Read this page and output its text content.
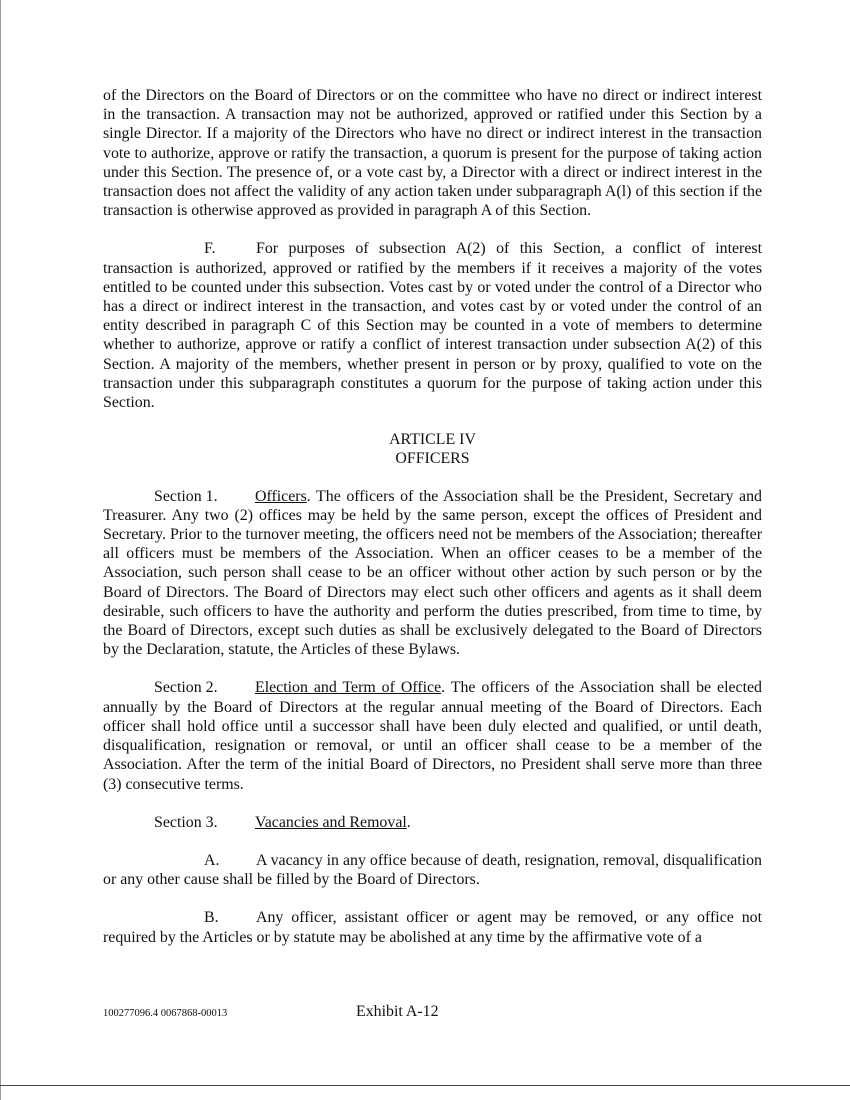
of the Directors on the Board of Directors or on the committee who have no direct or indirect interest in the transaction. A transaction may not be authorized, approved or ratified under this Section by a single Director. If a majority of the Directors who have no direct or indirect interest in the transaction vote to authorize, approve or ratify the transaction, a quorum is present for the purpose of taking action under this Section. The presence of, or a vote cast by, a Director with a direct or indirect interest in the transaction does not affect the validity of any action taken under subparagraph A(l) of this section if the transaction is otherwise approved as provided in paragraph A of this Section.

F.	For purposes of subsection A(2) of this Section, a conflict of interest transaction is authorized, approved or ratified by the members if it receives a majority of the votes entitled to be counted under this subsection. Votes cast by or voted under the control of a Director who has a direct or indirect interest in the transaction, and votes cast by or voted under the control of an entity described in paragraph C of this Section may be counted in a vote of members to determine whether to authorize, approve or ratify a conflict of interest transaction under subsection A(2) of this Section. A majority of the members, whether present in person or by proxy, qualified to vote on the transaction under this subparagraph constitutes a quorum for the purpose of taking action under this Section.

ARTICLE IV
OFFICERS

Section 1. Officers. The officers of the Association shall be the President, Secretary and Treasurer. Any two (2) offices may be held by the same person, except the offices of President and Secretary. Prior to the turnover meeting, the officers need not be members of the Association; thereafter all officers must be members of the Association. When an officer ceases to be a member of the Association, such person shall cease to be an officer without other action by such person or by the Board of Directors. The Board of Directors may elect such other officers and agents as it shall deem desirable, such officers to have the authority and perform the duties prescribed, from time to time, by the Board of Directors, except such duties as shall be exclusively delegated to the Board of Directors by the Declaration, statute, the Articles of these Bylaws.

Section 2. Election and Term of Office. The officers of the Association shall be elected annually by the Board of Directors at the regular annual meeting of the Board of Directors. Each officer shall hold office until a successor shall have been duly elected and qualified, or until death, disqualification, resignation or removal, or until an officer shall cease to be a member of the Association. After the term of the initial Board of Directors, no President shall serve more than three (3) consecutive terms.

Section 3. Vacancies and Removal.

A. A vacancy in any office because of death, resignation, removal, disqualification or any other cause shall be filled by the Board of Directors.

B. Any officer, assistant officer or agent may be removed, or any office not required by the Articles or by statute may be abolished at any time by the affirmative vote of a

100277096.4 0067868-00013	Exhibit A-12
